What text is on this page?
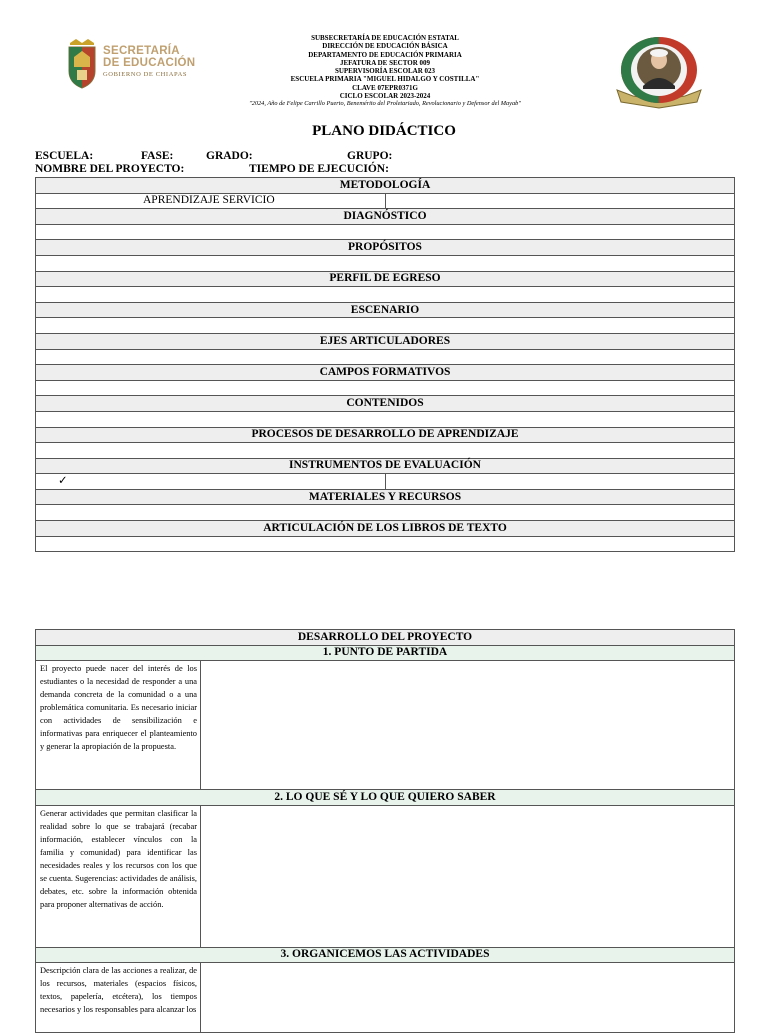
SECRETARÍA
DE EDUCACIÓN
GOBIERNO DE CHIAPAS
SUBSECRETARÍA DE EDUCACIÓN ESTATAL
DIRECCIÓN DE EDUCACIÓN BÁSICA
DEPARTAMENTO DE EDUCACIÓN PRIMARIA
JEFATURA DE SECTOR 009
SUPERVISORÍA ESCOLAR 023
ESCUELA PRIMARIA "MIGUEL HIDALGO Y COSTILLA"
CLAVE 07EPR0371G
CICLO ESCOLAR 2023-2024
"2024, Año de Felipe Carrillo Puerto, Benemérito del Proletariado, Revolucionario y Defensor del Mayab"
PLANO DIDÁCTICO
ESCUELA:	FASE:	GRADO:	GRUPO:
NOMBRE DEL PROYECTO:	TIEMPO DE EJECUCIÓN:
METODOLOGÍA	
APRENDIZAJE SERVICIO	
DIAGNÓSTICO	

PROPÓSITOS	

PERFIL DE EGRESO	

ESCENARIO	

EJES ARTICULADORES	

CAMPOS FORMATIVOS	

CONTENIDOS	

PROCESOS DE DESARROLLO DE APRENDIZAJE	

INSTRUMENTOS DE EVALUACIÓN	
✓	
MATERIALES Y RECURSOS	

ARTICULACIÓN DE LOS LIBROS DE TEXTO	

DESARROLLO DEL PROYECTO	
1. PUNTO DE PARTIDA	
El proyecto puede nacer del interés de los estudiantes o la necesidad de responder a una demanda concreta de la comunidad o a una problemática comunitaria. Es necesario iniciar con actividades de sensibilización e informativas para enriquecer el planteamiento y generar la apropiación de la propuesta.	
2. LO QUE SÉ Y LO QUE QUIERO SABER	
Generar actividades que permitan clasificar la realidad sobre lo que se trabajará (recabar información, establecer vínculos con la familia y comunidad) para identificar las necesidades reales y los recursos con los que se cuenta. Sugerencias: actividades de análisis, debates, etc. sobre la información obtenida para proponer alternativas de acción.	
3. ORGANICEMOS LAS ACTIVIDADES	
Descripción clara de las acciones a realizar, de los recursos, materiales (espacios físicos, textos, papelería, etcétera), los tiempos necesarios y los responsables para alcanzar los	
